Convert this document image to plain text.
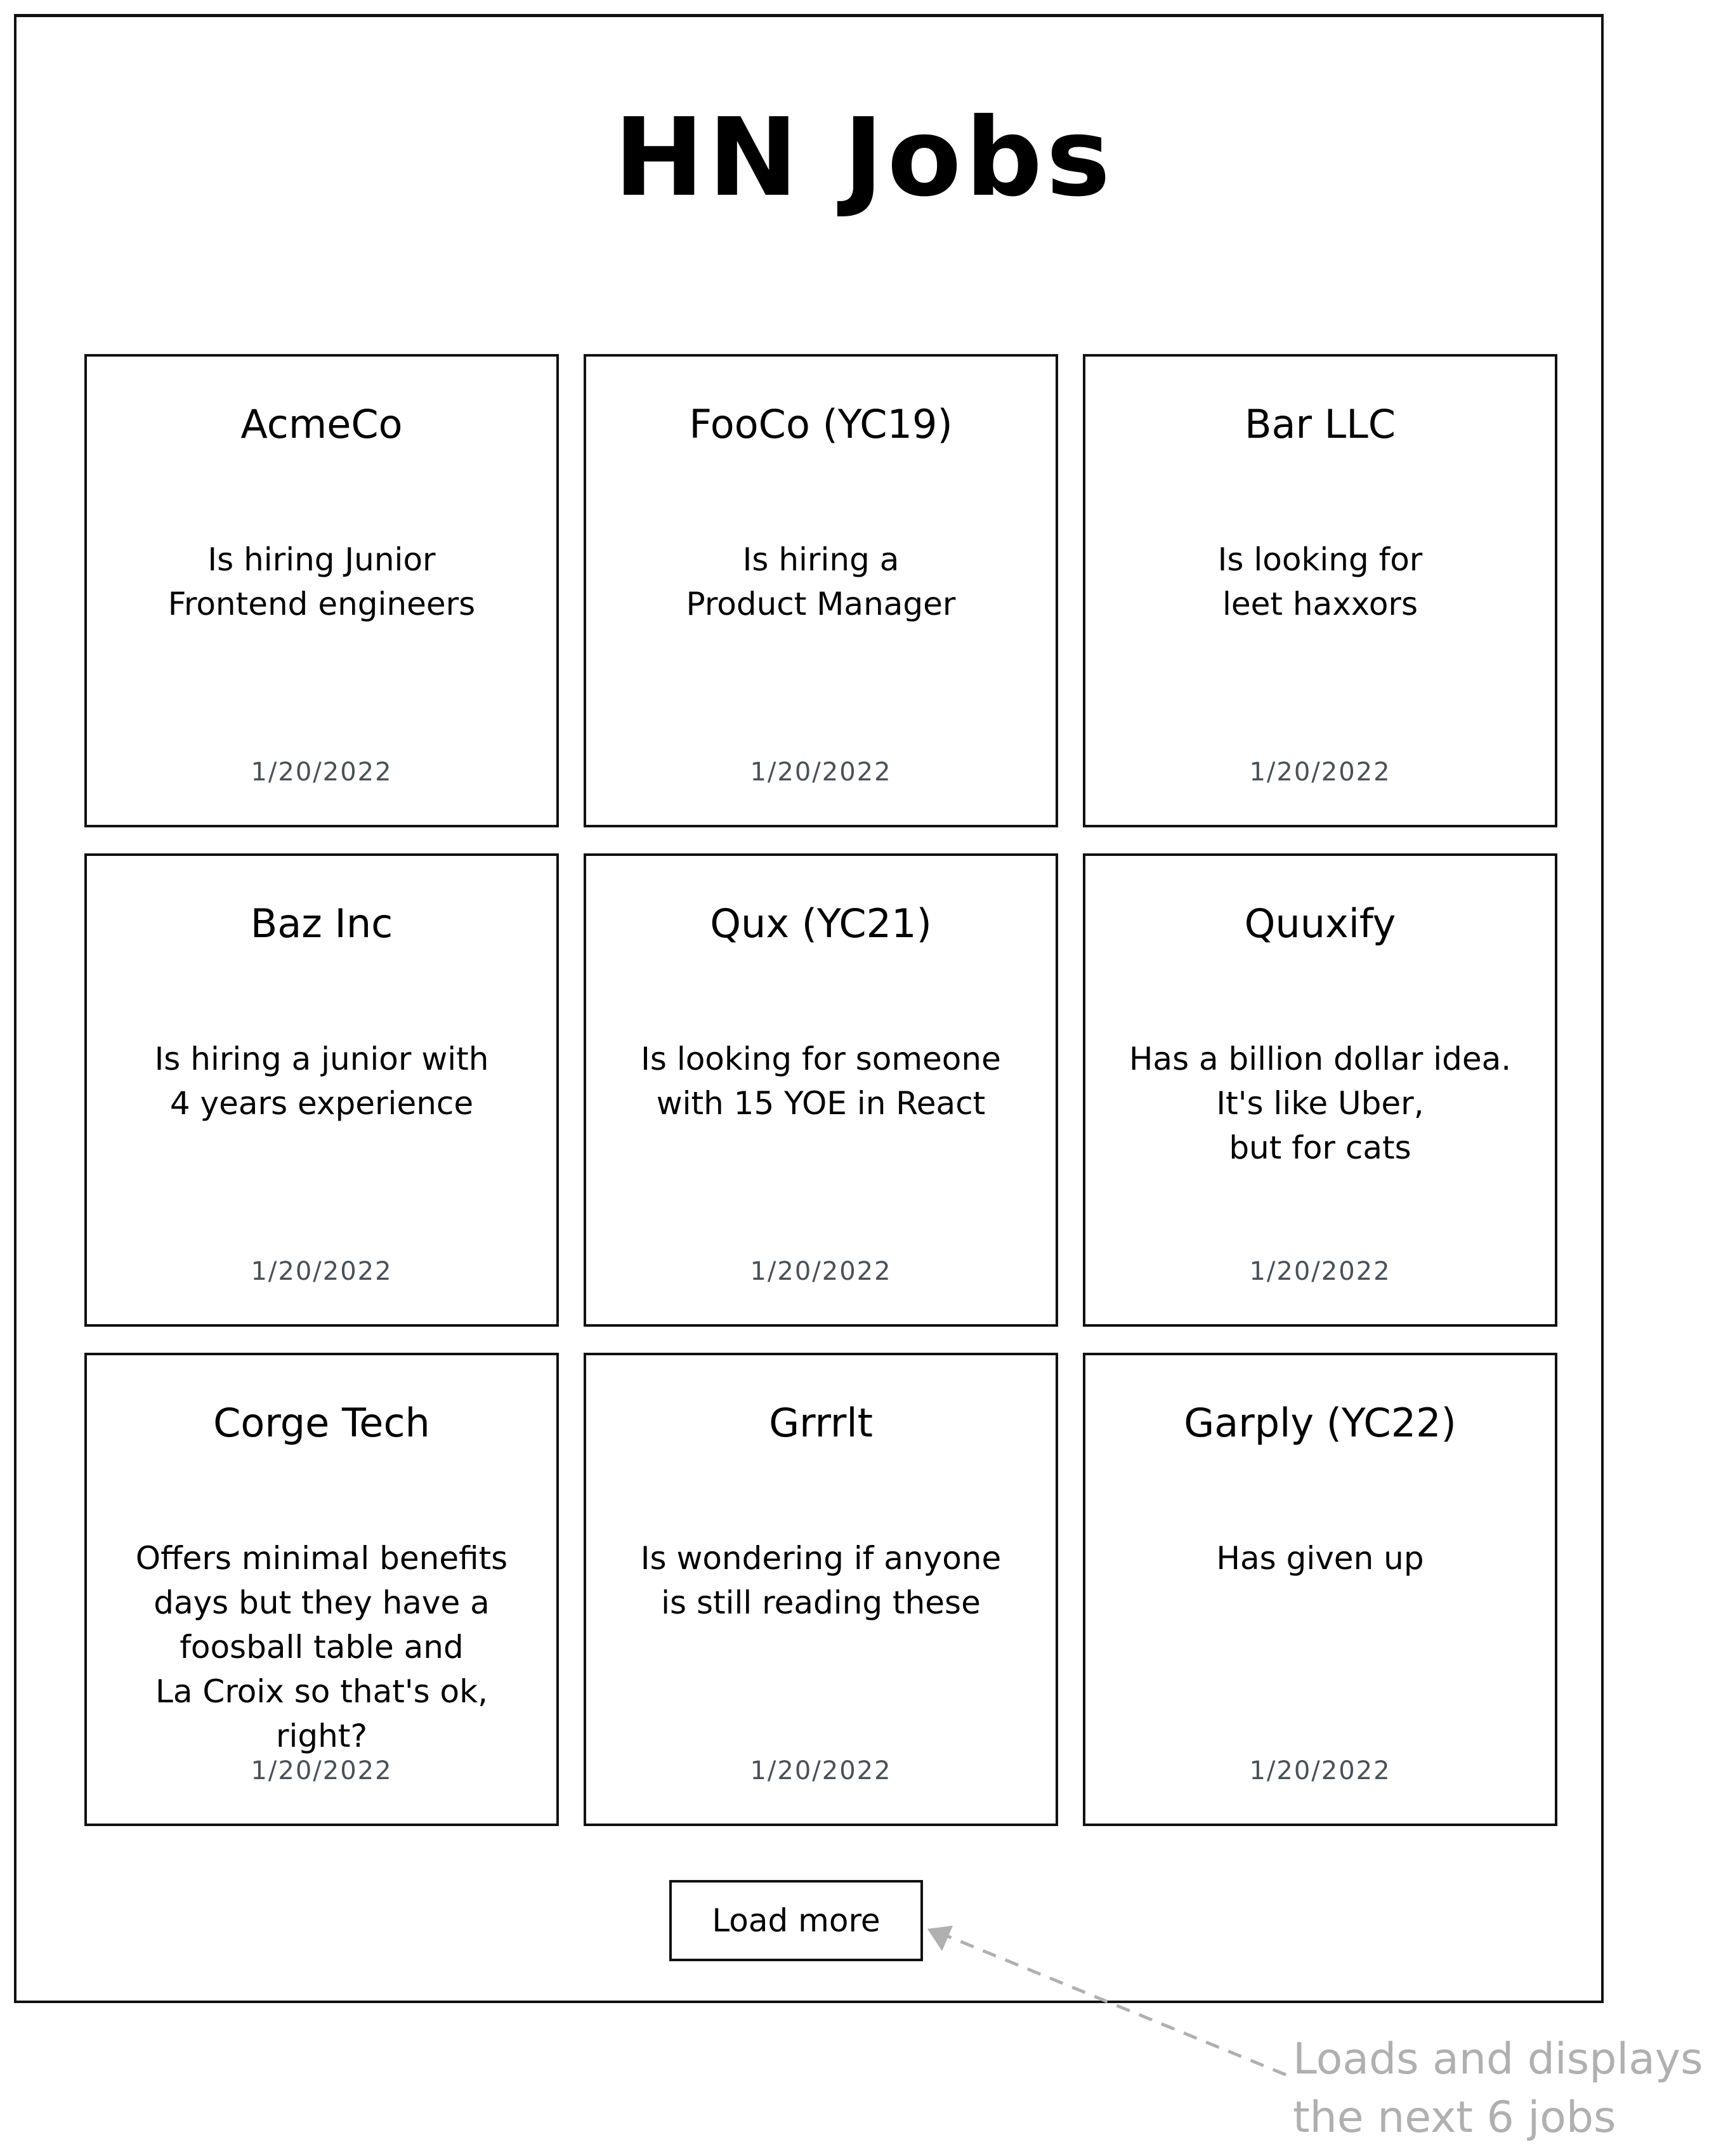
HN Jobs
AcmeCo
Is hiring Junior
Frontend engineers
1/20/2022
FooCo (YC19)
Is hiring a
Product Manager
1/20/2022
Bar LLC
Is looking for
leet haxxors
1/20/2022
Baz Inc
Is hiring a junior with
4 years experience
1/20/2022
Qux (YC21)
Is looking for someone
with 15 YOE in React
1/20/2022
Quuxify
Has a billion dollar idea.
It's like Uber,
but for cats
1/20/2022
Corge Tech
Offers minimal benefits
days but they have a
foosball table and
La Croix so that's ok,
right?
1/20/2022
Grrrlt
Is wondering if anyone
is still reading these
1/20/2022
Garply (YC22)
Has given up
1/20/2022
Load more
Loads and displays
the next 6 jobs
